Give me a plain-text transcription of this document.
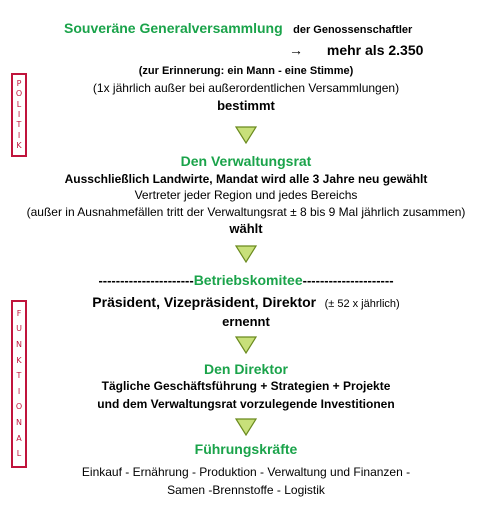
P
O
L
I
T
I
K
F
U
N
K
T
I
O
N
A
L
Souveräne Generalversammlung der Genossenschaftler
→ mehr als 2.350
(zur Erinnerung: ein Mann - eine Stimme)
(1x jährlich außer bei außerordentlichen Versammlungen)
bestimmt
Den Verwaltungsrat
Ausschließlich Landwirte, Mandat wird alle 3 Jahre neu gewählt
Vertreter jeder Region und jedes Bereichs
(außer in Ausnahmefällen tritt der Verwaltungsrat ± 8 bis 9 Mal jährlich zusammen)
wählt
----------------------Betriebskomitee---------------------
Präsident, Vizepräsident, Direktor (± 52 x jährlich)
ernennt
Den Direktor
Tägliche Geschäftsführung + Strategien + Projekte
und dem Verwaltungsrat vorzulegende Investitionen
Führungskräfte
Einkauf - Ernährung - Produktion - Verwaltung und Finanzen -
Samen -Brennstoffe - Logistik
